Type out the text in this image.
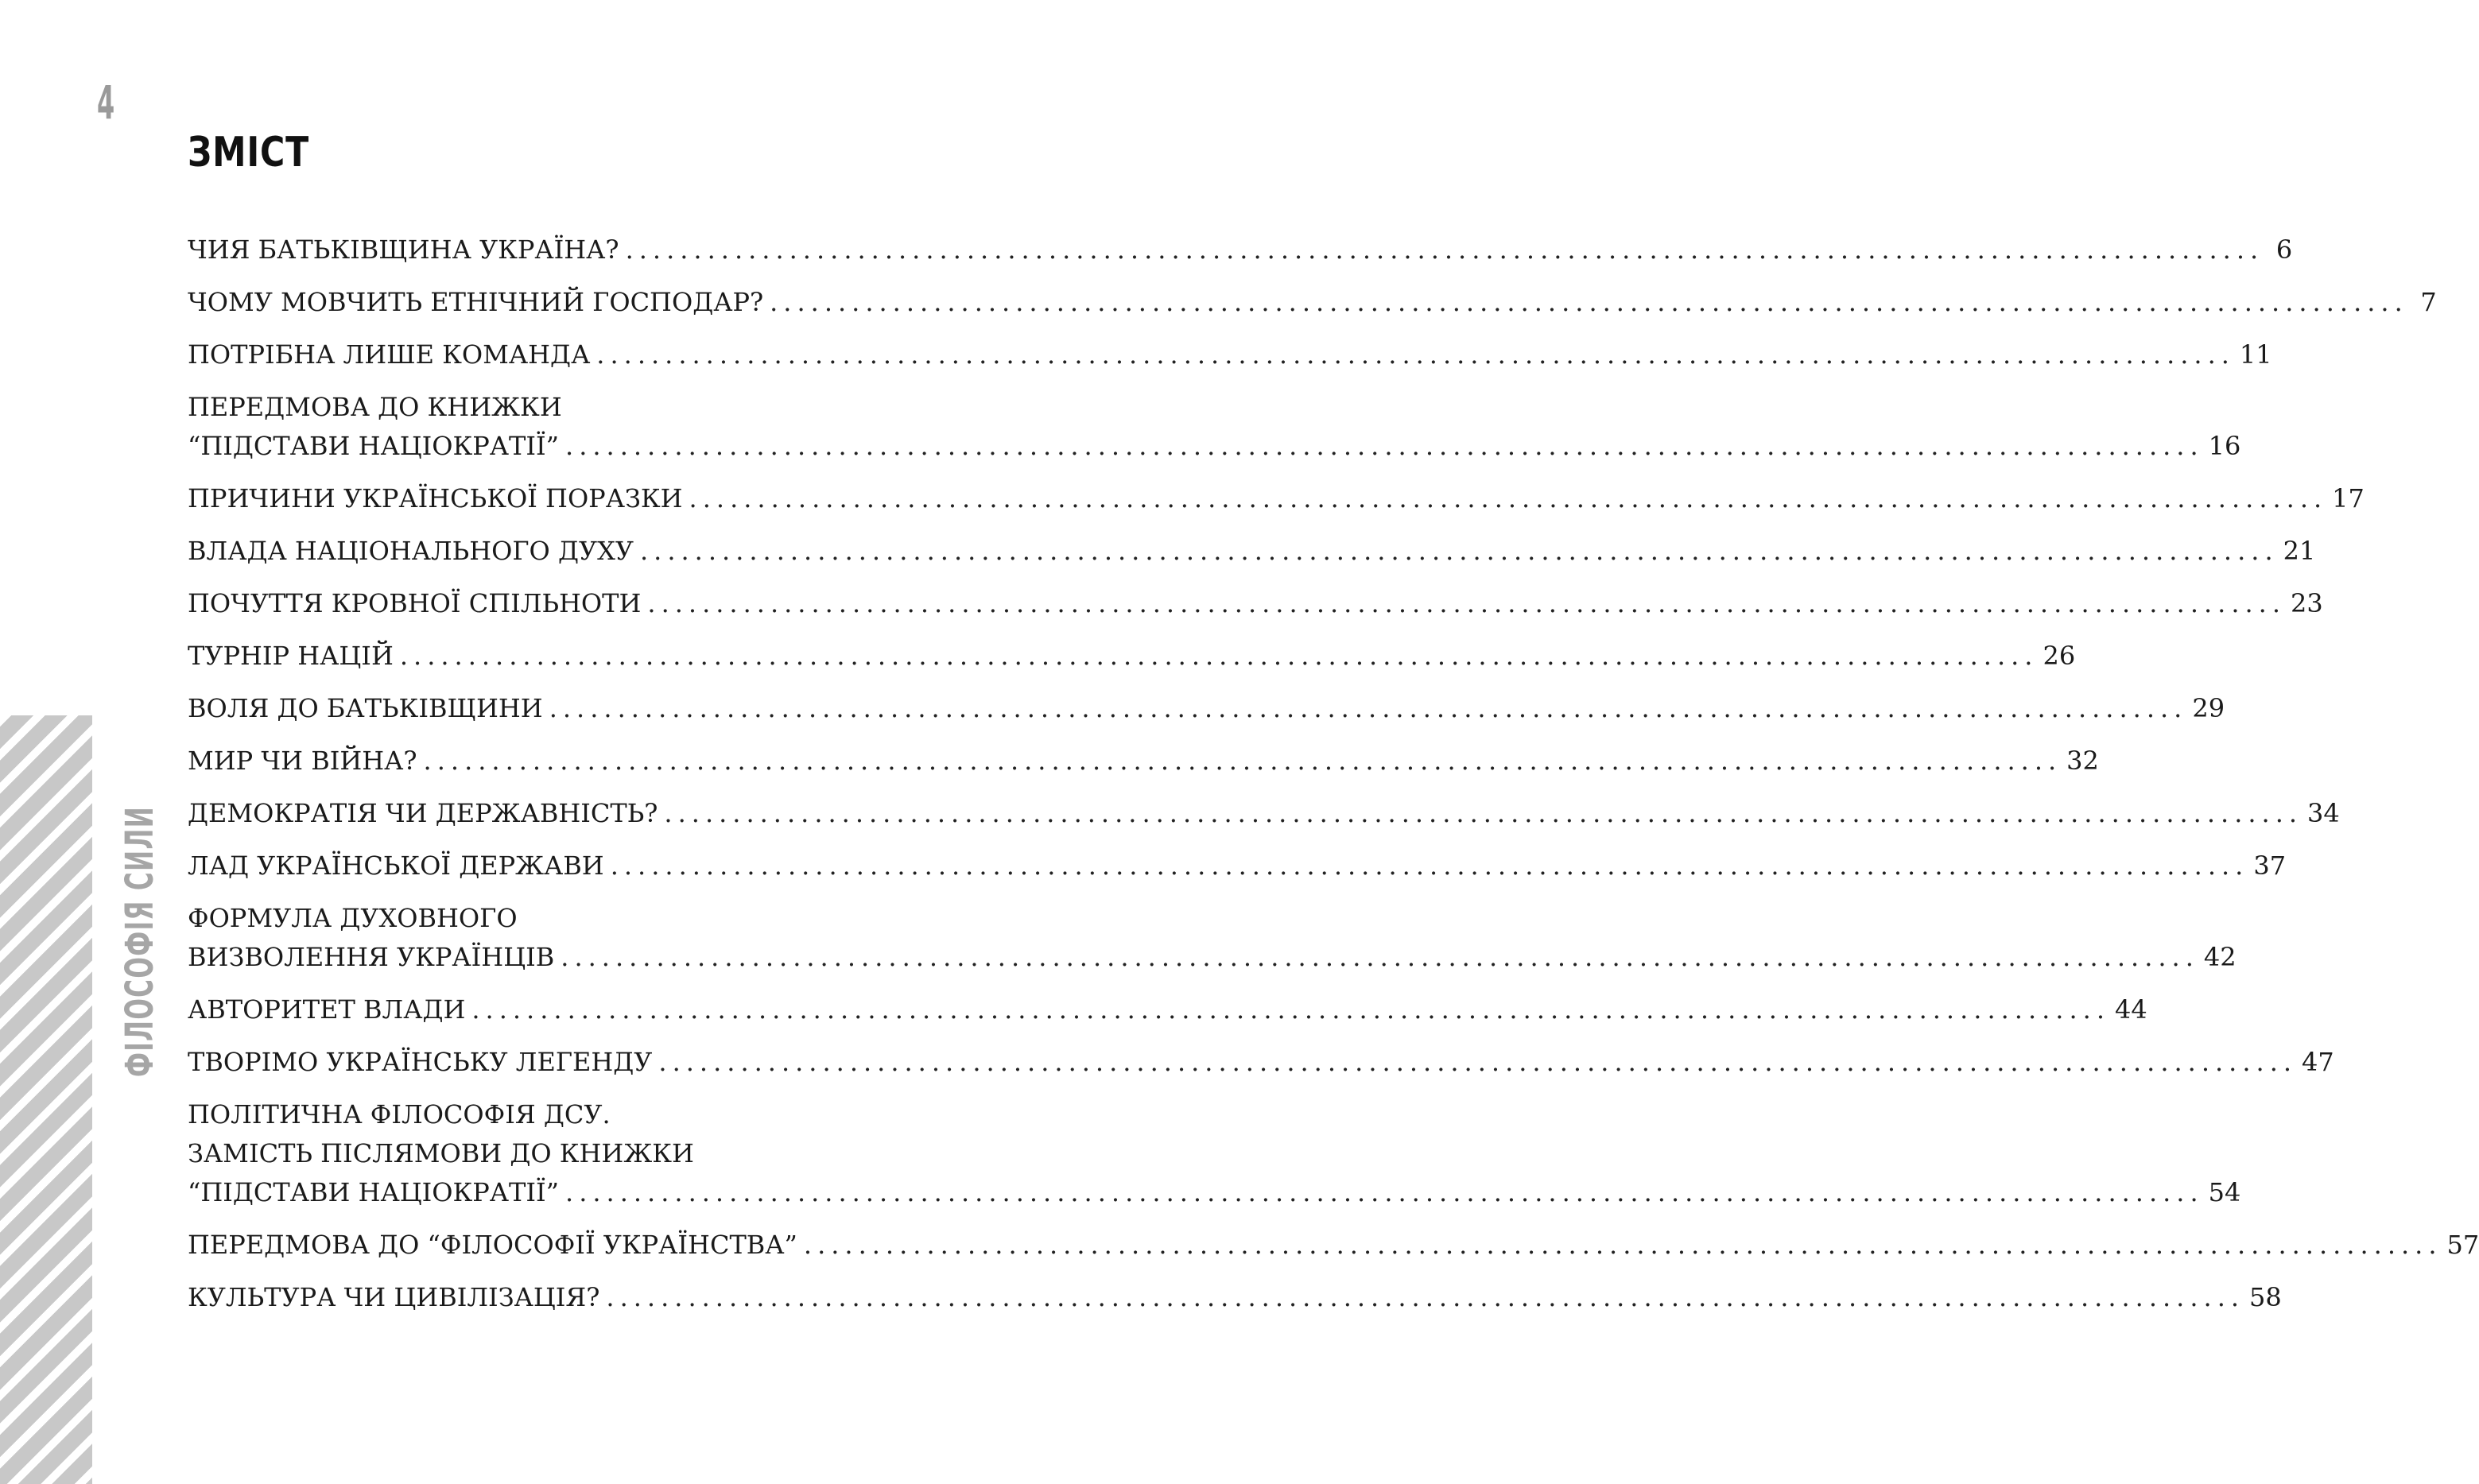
4
ЗМІСТ
ЧИЯ БАТЬКІВЩИНА УКРАЇНА? ........................................................................................................................ 6
ЧОМУ МОВЧИТЬ ЕТНІЧНИЙ ГОСПОДАР? ........................................................................................................................ 7
ПОТРІБНА ЛИШЕ КОМАНДА ........................................................................................................................ 11
ПЕРЕДМОВА ДО КНИЖКИ
“ПІДСТАВИ НАЦІОКРАТІЇ” ........................................................................................................................ 16
ПРИЧИНИ УКРАЇНСЬКОЇ ПОРАЗКИ ........................................................................................................................ 17
ВЛАДА НАЦІОНАЛЬНОГО ДУХУ ........................................................................................................................ 21
ПОЧУТТЯ КРОВНОЇ СПІЛЬНОТИ ........................................................................................................................ 23
ТУРНІР НАЦІЙ ........................................................................................................................ 26
ВОЛЯ ДО БАТЬКІВЩИНИ ........................................................................................................................ 29
МИР ЧИ ВІЙНА? ........................................................................................................................ 32
ДЕМОКРАТІЯ ЧИ ДЕРЖАВНІСТЬ? ........................................................................................................................ 34
ЛАД УКРАЇНСЬКОЇ ДЕРЖАВИ ........................................................................................................................ 37
ФОРМУЛА ДУХОВНОГО
ВИЗВОЛЕННЯ УКРАЇНЦІВ ........................................................................................................................ 42
АВТОРИТЕТ ВЛАДИ ........................................................................................................................ 44
ТВОРІМО УКРАЇНСЬКУ ЛЕГЕНДУ ........................................................................................................................ 47
ПОЛІТИЧНА ФІЛОСОФІЯ ДСУ.
ЗАМІСТЬ ПІСЛЯМОВИ ДО КНИЖКИ
“ПІДСТАВИ НАЦІОКРАТІЇ” ........................................................................................................................ 54
ПЕРЕДМОВА ДО “ФІЛОСОФІЇ УКРАЇНСТВА” ........................................................................................................................ 57
КУЛЬТУРА ЧИ ЦИВІЛІЗАЦІЯ? ........................................................................................................................ 58
ФІЛОСОФІЯ СИЛИ
